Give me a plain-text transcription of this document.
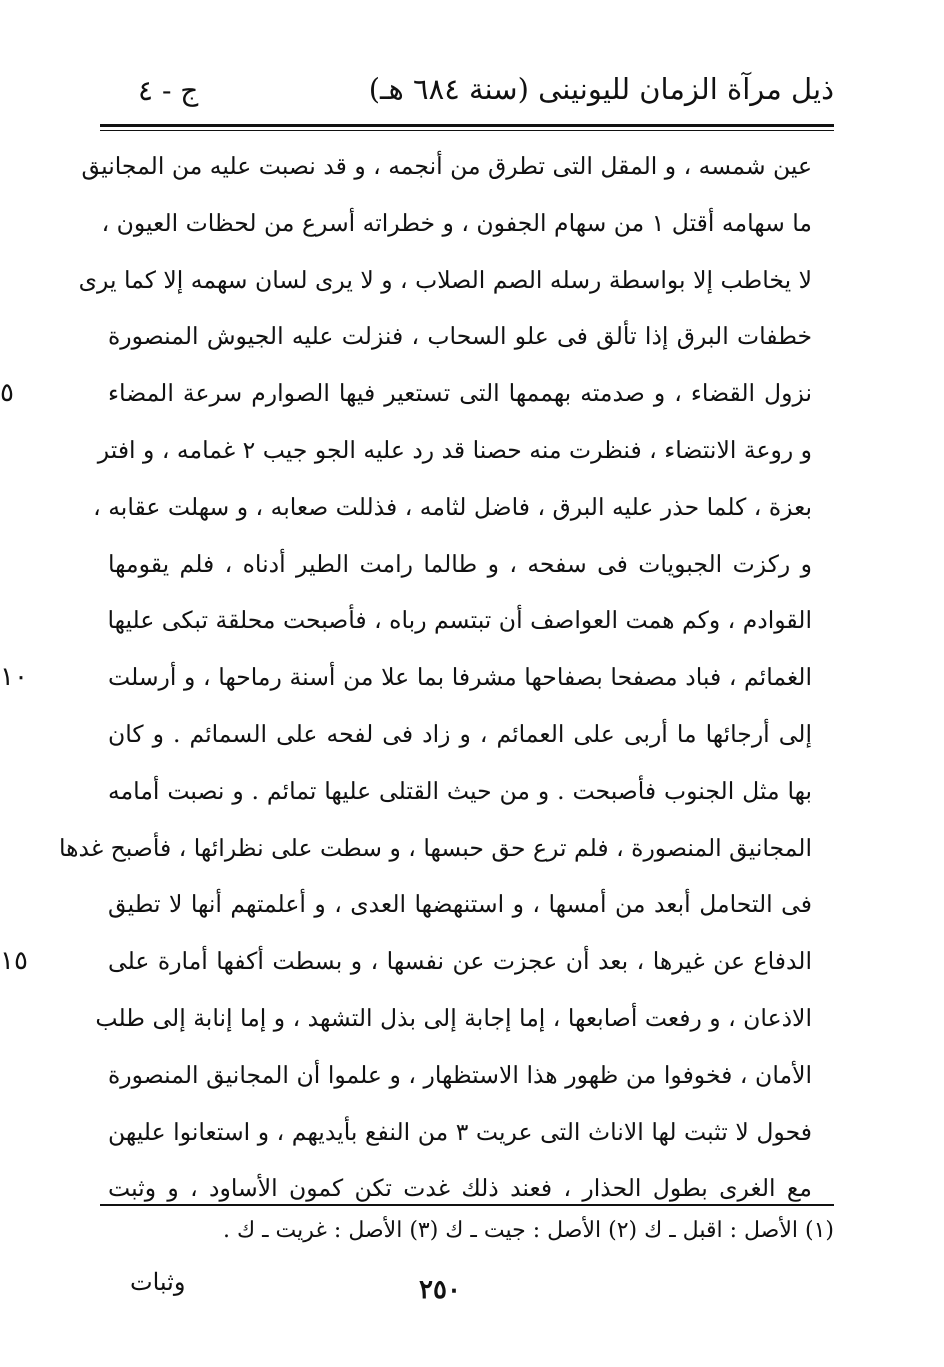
ذيل مرآة الزمان لليونينى (سنة ٦٨٤ هـ)
ج - ٤
عين شمسه ، و المقل التى تطرق من أنجمه ، و قد نصبت عليه من المجانيق
ما سهامه أقتل ١ من سهام الجفون ، و خطراته أسرع من لحظات العيون ،
لا يخاطب إلا بواسطة رسله الصم الصلاب ، و لا يرى لسان سهمه إلا كما يرى
خطفات البرق إذا تألق فى علو السحاب ، فنزلت عليه الجيوش المنصورة
نزول القضاء ، و صدمته بهممها التى تستعير فيها الصوارم سرعة المضاء
٥
و روعة الانتضاء ، فنظرت منه حصنا قد رد عليه الجو جيب ٢ غمامه ، و افتر
بعزة ، كلما حذر عليه البرق ، فاضل لثامه ، فذللت صعابه ، و سهلت عقابه ،
و ركزت الجبويات فى سفحه ، و طالما رامت الطير أدناه ، فلم يقومها
القوادم ، وكم همت العواصف أن تبتسم رباه ، فأصبحت محلقة تبكى عليها
الغمائم ، فباد مصفحا بصفاحها مشرفا بما علا من أسنة رماحها ، و أرسلت
١٠
إلى أرجائها ما أربى على العمائم ، و زاد فى لفحه على السمائم . و كان
بها مثل الجنوب فأصبحت . و من حيث القتلى عليها تمائم . و نصبت أمامه
المجانيق المنصورة ، فلم ترع حق حبسها ، و سطت على نظرائها ، فأصبح غدها
فى التحامل أبعد من أمسها ، و استنهضها العدى ، و أعلمتهم أنها لا تطيق
الدفاع عن غيرها ، بعد أن عجزت عن نفسها ، و بسطت أكفها أمارة على
١٥
الاذعان ، و رفعت أصابعها ، إما إجابة إلى بذل التشهد ، و إما إنابة إلى طلب
الأمان ، فخوفوا من ظهور هذا الاستظهار ، و علموا أن المجانيق المنصورة
فحول لا تثبت لها الاناث التى عريت ٣ من النفع بأيديهم ، و استعانوا عليهن
مع الغرى بطول الحذار ، فعند ذلك غدت تكن كمون الأساود ، و وثبت
(١) الأصل : اقبل ـ ك (٢) الأصل : جيت ـ ك (٣) الأصل : غريت ـ ك .
٢٥٠
وثبات
